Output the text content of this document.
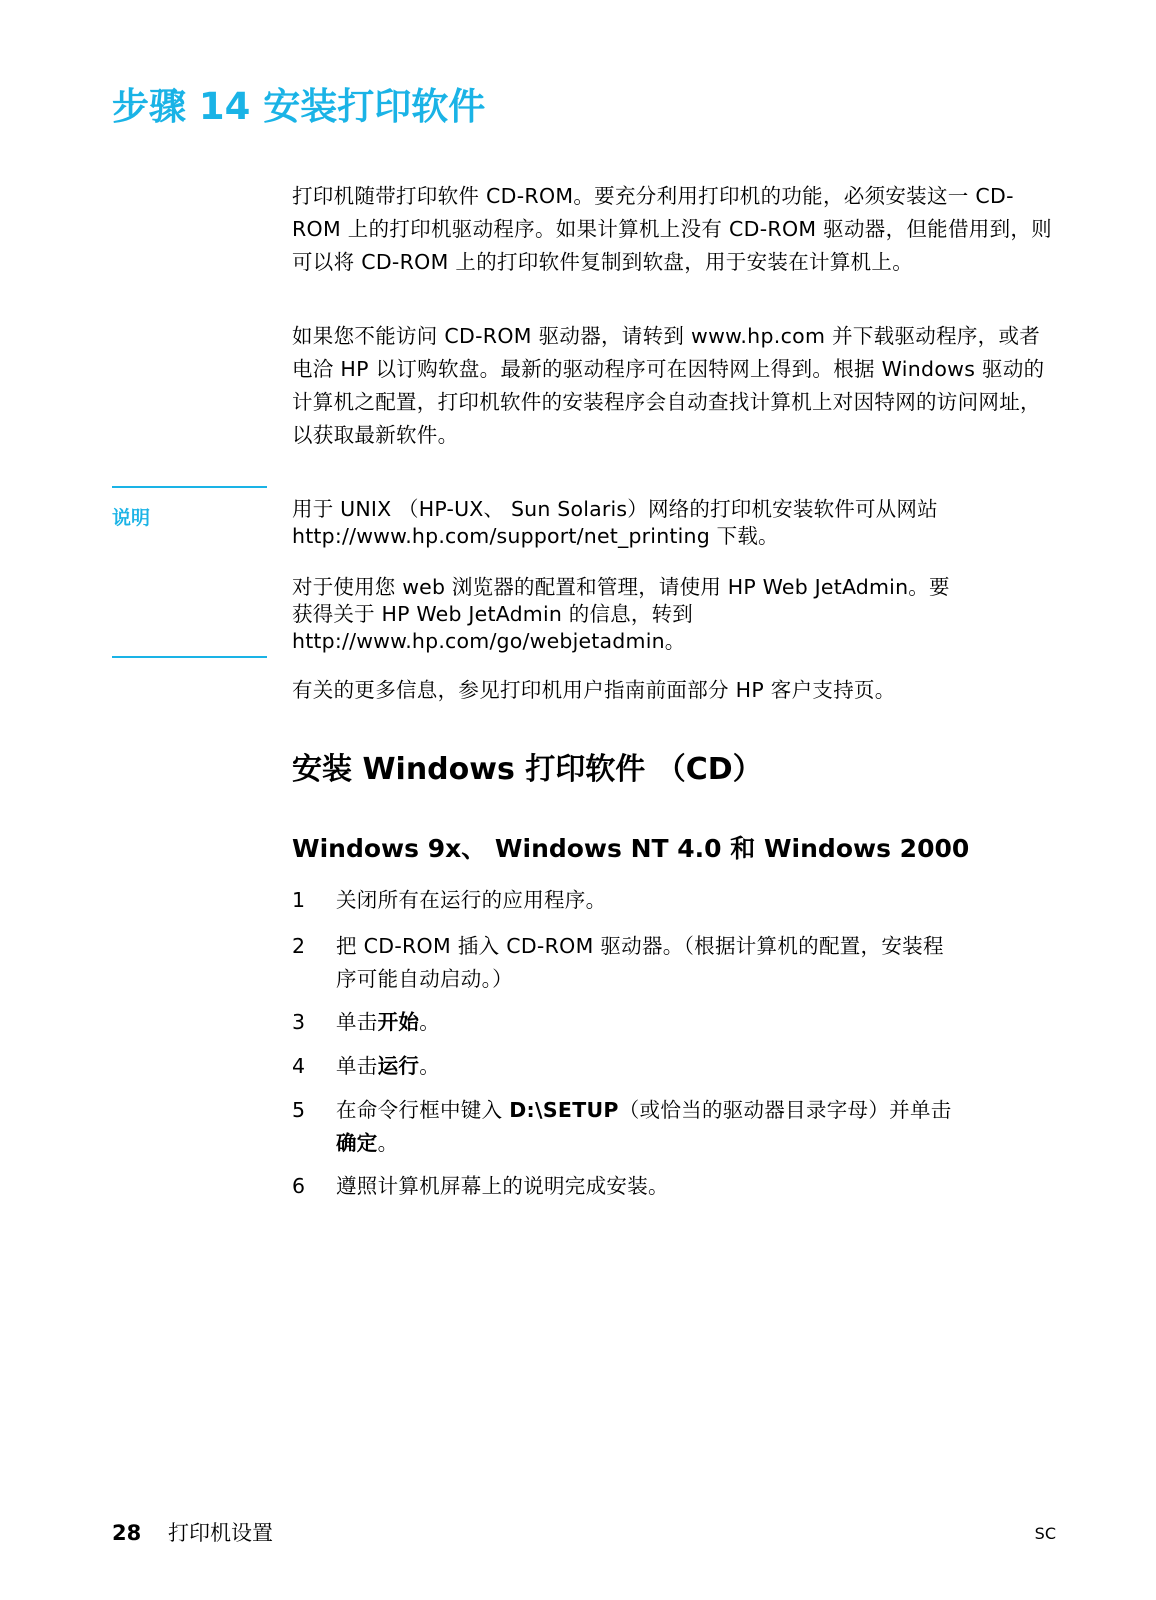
步骤 14 安装打印软件

打印机随带打印软件 CD-ROM。要充分利用打印机的功能，必须安装这一 CD-ROM 上的打印机驱动程序。如果计算机上没有 CD-ROM 驱动器，但能借用到，则可以将 CD-ROM 上的打印软件复制到软盘，用于安装在计算机上。

如果您不能访问 CD-ROM 驱动器，请转到 www.hp.com 并下载驱动程序，或者电洽 HP 以订购软盘。最新的驱动程序可在因特网上得到。根据 Windows 驱动的计算机之配置，打印机软件的安装程序会自动查找计算机上对因特网的访问网址，以获取最新软件。

说明	用于 UNIX （HP-UX、 Sun Solaris）网络的打印机安装软件可从网站
http://www.hp.com/support/net_printing 下载。

对于使用您 web 浏览器的配置和管理，请使用 HP Web JetAdmin。要
获得关于 HP Web JetAdmin 的信息，转到
http://www.hp.com/go/webjetadmin。

有关的更多信息，参见打印机用户指南前面部分 HP 客户支持页。

安装 Windows 打印软件 （CD）
Windows 9x、 Windows NT 4.0 和 Windows 2000
1 关闭所有在运行的应用程序。
2 把 CD-ROM 插入 CD-ROM 驱动器。（根据计算机的配置，安装程
序可能自动启动。）
3 单击开始。
4 单击运行。
5 在命令行框中键入 D:\SETUP（或恰当的驱动器目录字母）并单击
确定。
6 遵照计算机屏幕上的说明完成安装。
28 打印机设置	SC
